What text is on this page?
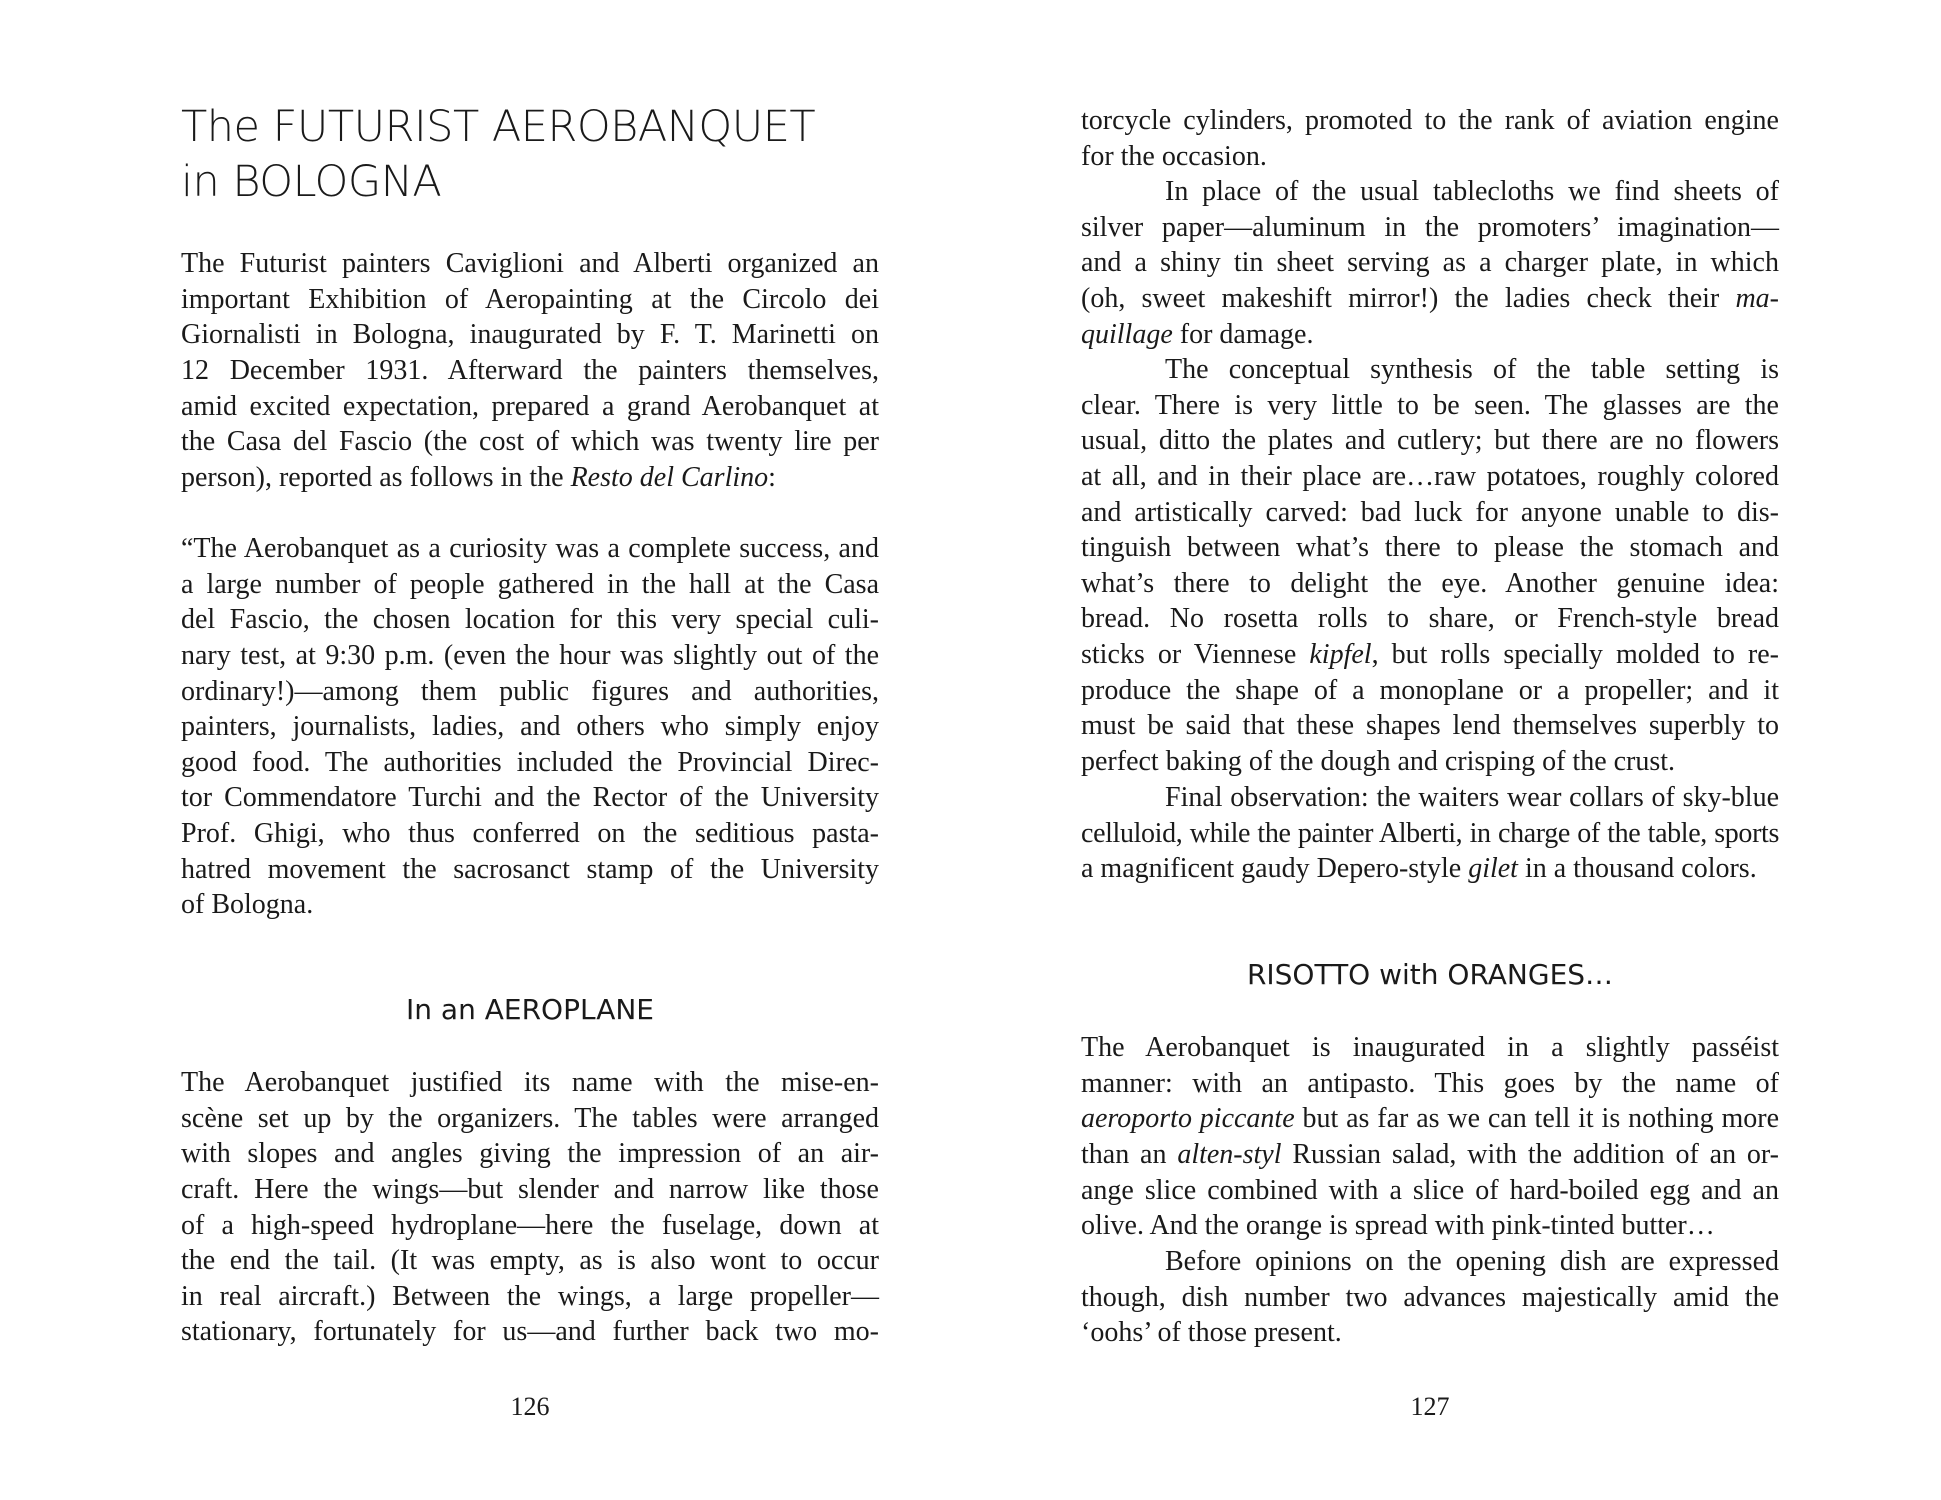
The FUTURIST AEROBANQUET
in BOLOGNA
The Futurist painters Caviglioni and Alberti organized an
important Exhibition of Aeropainting at the Circolo dei
Giornalisti in Bologna, inaugurated by F. T. Marinetti on
12 December 1931. Afterward the painters themselves,
amid excited expectation, prepared a grand Aerobanquet at
the Casa del Fascio (the cost of which was twenty lire per
person), reported as follows in the Resto del Carlino:
“The Aerobanquet as a curiosity was a complete success, and
a large number of people gathered in the hall at the Casa
del Fascio, the chosen location for this very special culi-
nary test, at 9:30 p.m. (even the hour was slightly out of the
ordinary!)—among them public figures and authorities,
painters, journalists, ladies, and others who simply enjoy
good food. The authorities included the Provincial Direc-
tor Commendatore Turchi and the Rector of the University
Prof. Ghigi, who thus conferred on the seditious pasta-
hatred movement the sacrosanct stamp of the University
of Bologna.
In an AEROPLANE
The Aerobanquet justified its name with the mise-en-
scène set up by the organizers. The tables were arranged
with slopes and angles giving the impression of an air-
craft. Here the wings—but slender and narrow like those
of a high-speed hydroplane—here the fuselage, down at
the end the tail. (It was empty, as is also wont to occur
in real aircraft.) Between the wings, a large propeller—
stationary, fortunately for us—and further back two mo-
126
torcycle cylinders, promoted to the rank of aviation engine
for the occasion.
In place of the usual tablecloths we find sheets of
silver paper—aluminum in the promoters’ imagination—
and a shiny tin sheet serving as a charger plate, in which
(oh, sweet makeshift mirror!) the ladies check their ma-
quillage for damage.
The conceptual synthesis of the table setting is
clear. There is very little to be seen. The glasses are the
usual, ditto the plates and cutlery; but there are no flowers
at all, and in their place are…raw potatoes, roughly colored
and artistically carved: bad luck for anyone unable to dis-
tinguish between what’s there to please the stomach and
what’s there to delight the eye. Another genuine idea:
bread. No rosetta rolls to share, or French-style bread
sticks or Viennese kipfel, but rolls specially molded to re-
produce the shape of a monoplane or a propeller; and it
must be said that these shapes lend themselves superbly to
perfect baking of the dough and crisping of the crust.
Final observation: the waiters wear collars of sky-blue
celluloid, while the painter Alberti, in charge of the table, sports
a magnificent gaudy Depero-style gilet in a thousand colors.
RISOTTO with ORANGES…
The Aerobanquet is inaugurated in a slightly passéist
manner: with an antipasto. This goes by the name of
aeroporto piccante but as far as we can tell it is nothing more
than an alten-styl Russian salad, with the addition of an or-
ange slice combined with a slice of hard-boiled egg and an
olive. And the orange is spread with pink-tinted butter…
Before opinions on the opening dish are expressed
though, dish number two advances majestically amid the
‘oohs’ of those present.
127
